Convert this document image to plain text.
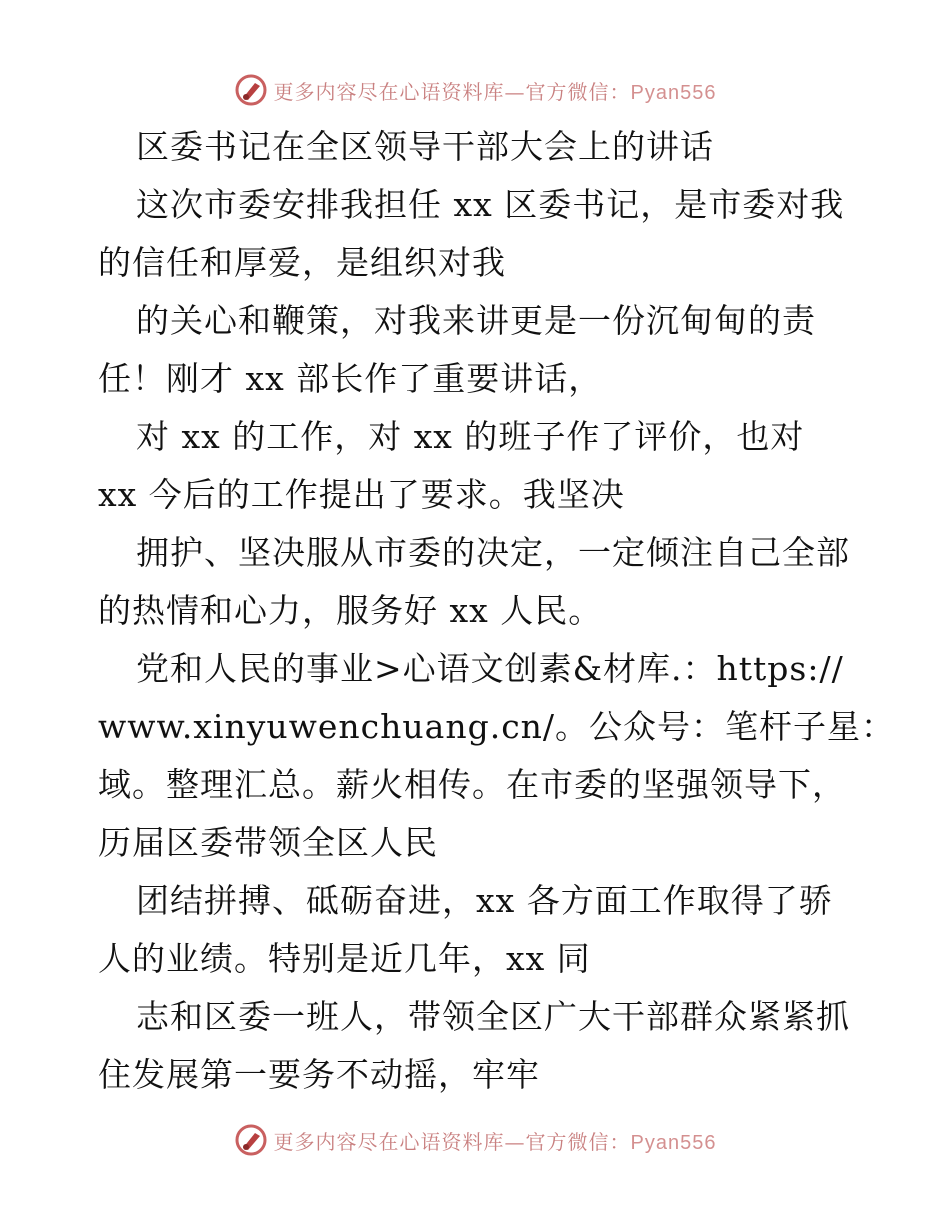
更多内容尽在心语资料库—官方微信：Pyan556
区委书记在全区领导干部大会上的讲话
这次市委安排我担任 xx 区委书记，是市委对我
的信任和厚爱，是组织对我
的关心和鞭策，对我来讲更是一份沉甸甸的责
任！刚才 xx 部长作了重要讲话，
对 xx 的工作，对 xx 的班子作了评价，也对
xx 今后的工作提出了要求。我坚决
拥护、坚决服从市委的决定，一定倾注自己全部
的热情和心力，服务好 xx 人民。
党和人民的事业>心语文创素&材库.：https://
www.xinyuwenchuang.cn/。公众号：笔杆子星：
域。整理汇总。薪火相传。在市委的坚强领导下，
历届区委带领全区人民
团结拼搏、砥砺奋进，xx 各方面工作取得了骄
人的业绩。特别是近几年，xx 同
志和区委一班人，带领全区广大干部群众紧紧抓
住发展第一要务不动摇，牢牢
更多内容尽在心语资料库—官方微信：Pyan556
